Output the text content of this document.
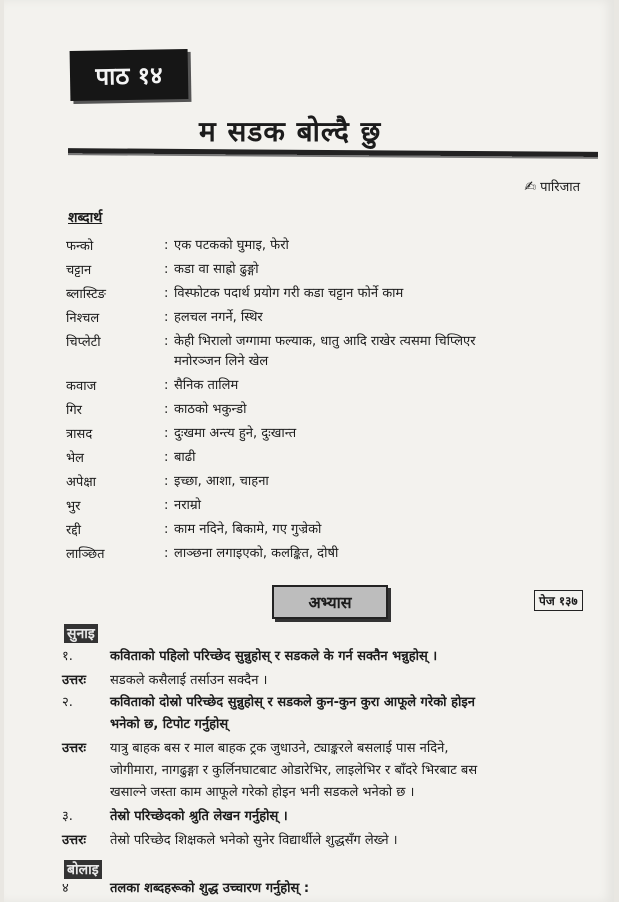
पाठ १४
म सडक बोल्दै छु
✍ पारिजात
शब्दार्थ
फन्को	: एक पटकको घुमाइ, फेरो
चट्टान	: कडा वा साह्रो ढुङ्गो
ब्लास्टिङ	: विस्फोटक पदार्थ प्रयोग गरी कडा चट्टान फोर्ने काम
निश्चल	: हलचल नगर्ने, स्थिर
चिप्लेटी	: केही भिरालो जग्गामा फल्याक, धातु आदि राखेर त्यसमा चिप्लिएर
मनोरञ्जन लिने खेल
कवाज	: सैनिक तालिम
गिर	: काठको भकुन्डो
त्रासद	: दुःखमा अन्त्य हुने, दुःखान्त
भेल	: बाढी
अपेक्षा	: इच्छा, आशा, चाहना
भुर	: नराम्रो
रद्दी	: काम नदिने, बिकामे, गए गुज्रेको
लाञ्छित	: लाञ्छना लगाइएको, कलङ्कित, दोषी
अभ्यास	पेज १३७
सुनाइ
१.	कविताको पहिलो परिच्छेद सुन्नुहोस् र सडकले के गर्न सक्तैन भन्नुहोस् ।
उत्तरः	सडकले कसैलाई तर्साउन सक्दैन ।
२.	कविताको दोस्रो परिच्छेद सुन्नुहोस् र सडकले कुन-कुन कुरा आफूले गरेको होइन
भनेको छ, टिपोट गर्नुहोस्
उत्तरः	यात्रु बाहक बस र माल बाहक ट्रक जुधाउने, ट्याङ्करले बसलाई पास नदिने,
जोगीमारा, नागढुङ्गा र कुर्लिनघाटबाट ओडारेभिर, लाइलेभिर र बाँदरे भिरबाट बस
खसाल्ने जस्ता काम आफूले गरेको होइन भनी सडकले भनेको छ ।
३.	तेस्रो परिच्छेदको श्रुति लेखन गर्नुहोस् ।
उत्तरः	तेस्रो परिच्छेद शिक्षकले भनेको सुनेर विद्यार्थीले शुद्धसँग लेख्ने ।
४	तलका शब्दहरूको शुद्ध उच्चारण गर्नुहोस् :
बोलाइ
